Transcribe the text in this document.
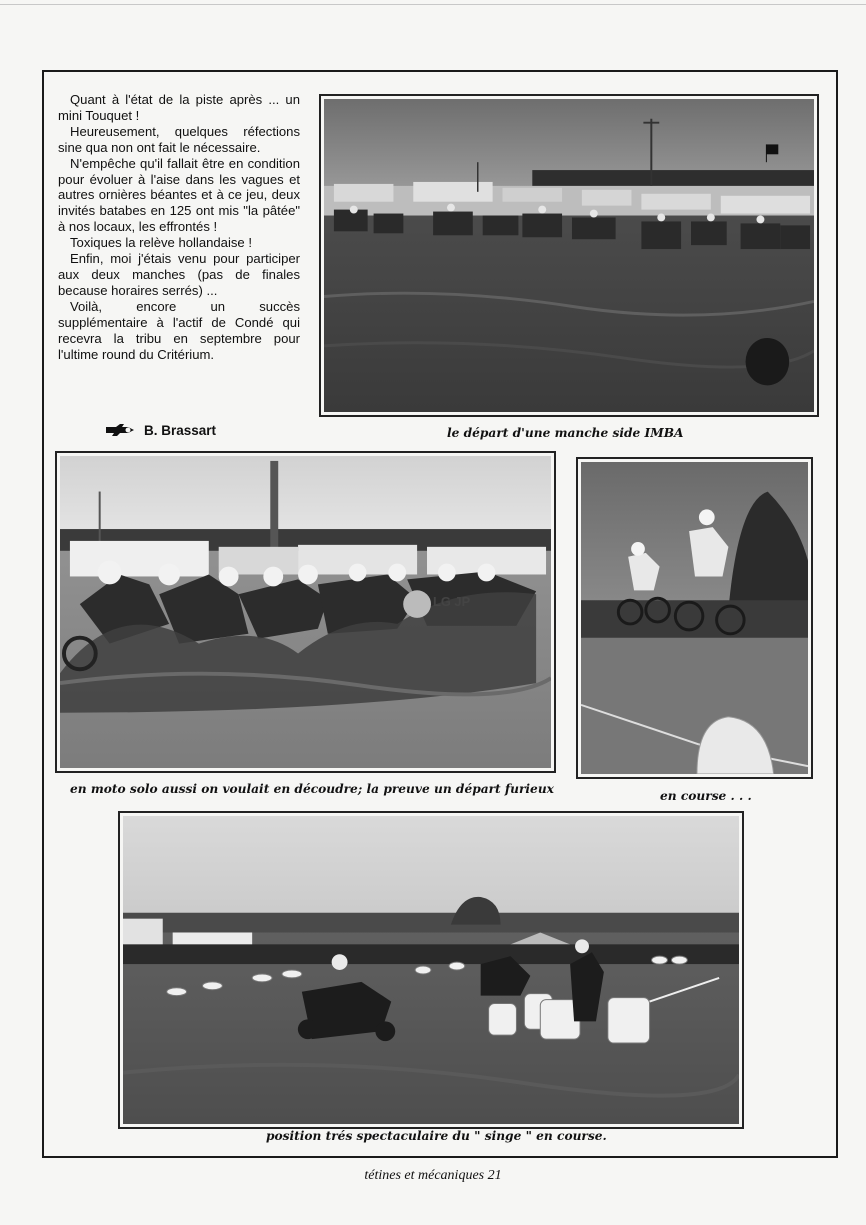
Quant à l'état de la piste après ... un mini Touquet !

Heureusement, quelques réfections sine qua non ont fait le nécessaire.

N'empêche qu'il fallait être en condition pour évoluer à l'aise dans les vagues et autres ornières béantes et à ce jeu, deux invités batabes en 125 ont mis "la pâtée" à nos locaux, les effrontés !

Toxiques la relève hollandaise !

Enfin, moi j'étais venu pour participer aux deux manches (pas de finales because horaires serrés) ...

Voilà, encore un succès supplémentaire à l'actif de Condé qui recevra la tribu en septembre pour l'ultime round du Critérium.

B. Brassart	le départ d'une manche side IMBA
LG JP
en moto solo aussi on voulait en découdre; la preuve un départ furieux	en course . . .
position trés spectaculaire du " singe " en course.
tétines et mécaniques 21
